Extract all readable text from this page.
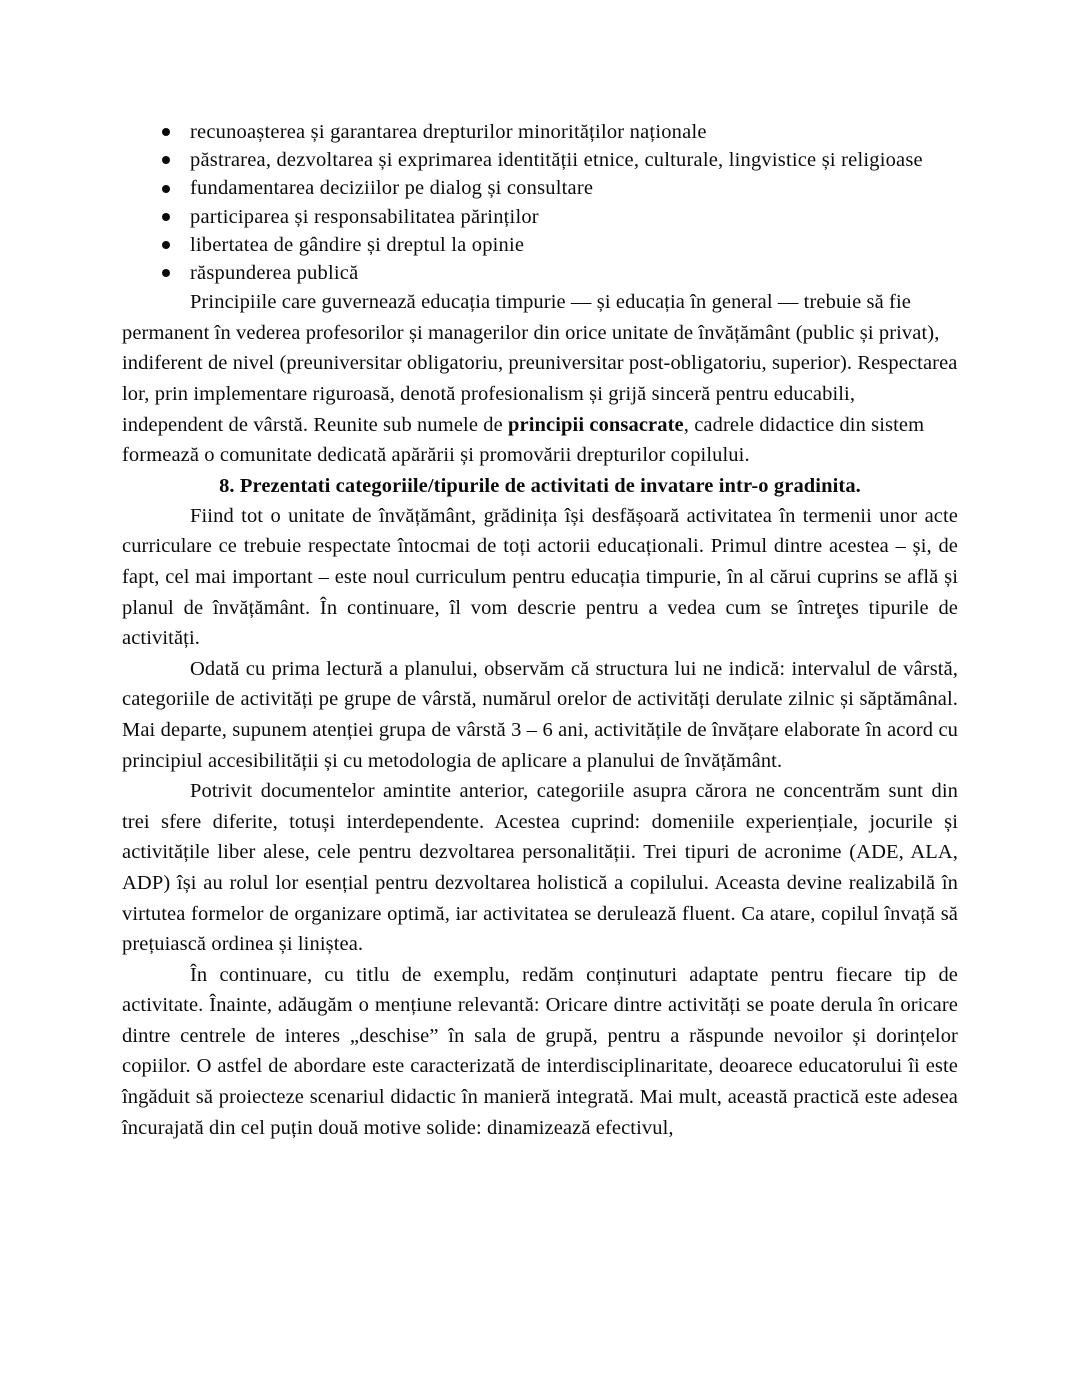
recunoașterea și garantarea drepturilor minorităților naționale
păstrarea, dezvoltarea și exprimarea identității etnice, culturale, lingvistice și religioase
fundamentarea deciziilor pe dialog și consultare
participarea și responsabilitatea părinților
libertatea de gândire și dreptul la opinie
răspunderea publică

Principiile care guvernează educația timpurie — și educația în general — trebuie să fie permanent în vederea profesorilor și managerilor din orice unitate de învățământ (public și privat), indiferent de nivel (preuniversitar obligatoriu, preuniversitar post-obligatoriu, superior). Respectarea lor, prin implementare riguroasă, denotă profesionalism și grijă sinceră pentru educabili, independent de vârstă. Reunite sub numele de principii consacrate, cadrele didactice din sistem formează o comunitate dedicată apărării și promovării drepturilor copilului.

8. Prezentati categoriile/tipurile de activitati de invatare intr-o gradinita.

Fiind tot o unitate de învățământ, grădinița își desfășoară activitatea în termenii unor acte curriculare ce trebuie respectate întocmai de toți actorii educaționali. Primul dintre acestea – și, de fapt, cel mai important – este noul curriculum pentru educația timpurie, în al cărui cuprins se află și planul de învățământ. În continuare, îl vom descrie pentru a vedea cum se întreţes tipurile de activități.

Odată cu prima lectură a planului, observăm că structura lui ne indică: intervalul de vârstă, categoriile de activități pe grupe de vârstă, numărul orelor de activități derulate zilnic și săptămânal. Mai departe, supunem atenției grupa de vârstă 3 – 6 ani, activitățile de învățare elaborate în acord cu principiul accesibilității și cu metodologia de aplicare a planului de învățământ.

Potrivit documentelor amintite anterior, categoriile asupra cărora ne concentrăm sunt din trei sfere diferite, totuși interdependente. Acestea cuprind: domeniile experiențiale, jocurile și activitățile liber alese, cele pentru dezvoltarea personalității. Trei tipuri de acronime (ADE, ALA, ADP) își au rolul lor esențial pentru dezvoltarea holistică a copilului. Aceasta devine realizabilă în virtutea formelor de organizare optimă, iar activitatea se derulează fluent. Ca atare, copilul învață să prețuiască ordinea și liniștea.

În continuare, cu titlu de exemplu, redăm conținuturi adaptate pentru fiecare tip de activitate. Înainte, adăugăm o mențiune relevantă: Oricare dintre activități se poate derula în oricare dintre centrele de interes „deschise” în sala de grupă, pentru a răspunde nevoilor și dorințelor copiilor. O astfel de abordare este caracterizată de interdisciplinaritate, deoarece educatorului îi este îngăduit să proiecteze scenariul didactic în manieră integrată. Mai mult, această practică este adesea încurajată din cel puțin două motive solide: dinamizează efectivul,
